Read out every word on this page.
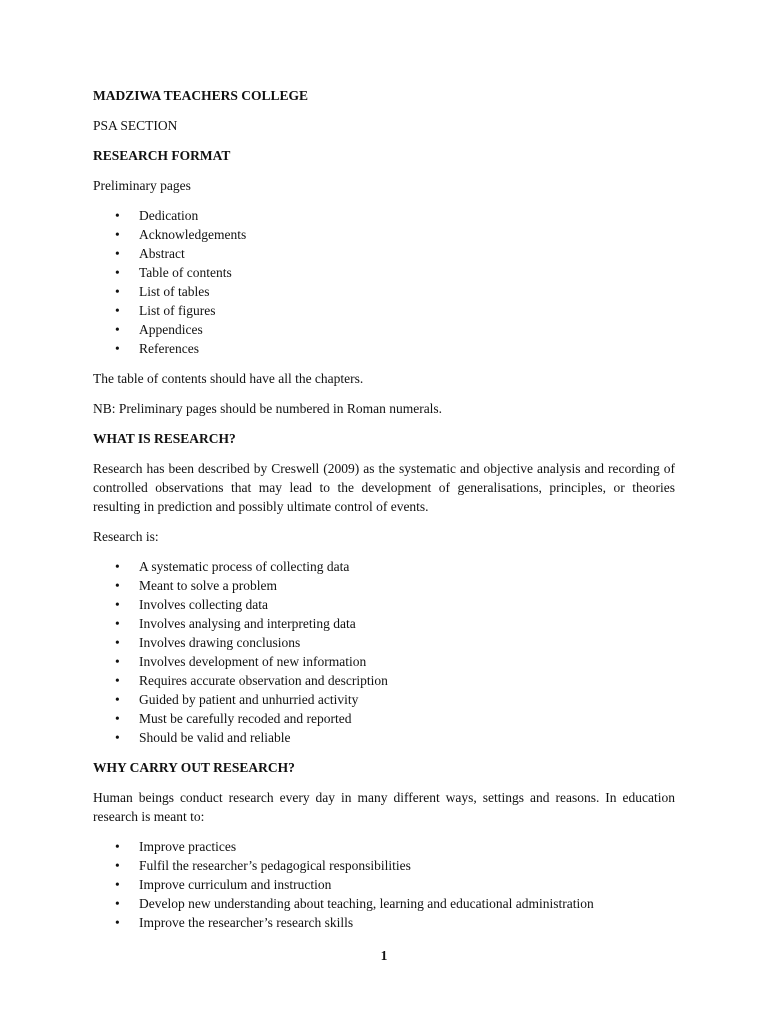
MADZIWA TEACHERS COLLEGE

PSA SECTION

RESEARCH FORMAT

Preliminary pages

• Dedication
• Acknowledgements
• Abstract
• Table of contents
• List of tables
• List of figures
• Appendices
• References

The table of contents should have all the chapters.

NB: Preliminary pages should be numbered in Roman numerals.

WHAT IS RESEARCH?

Research has been described by Creswell (2009) as the systematic and objective analysis and recording of controlled observations that may lead to the development of generalisations, principles, or theories resulting in prediction and possibly ultimate control of events.

Research is:

• A systematic process of collecting data
• Meant to solve a problem
• Involves collecting data
• Involves analysing and interpreting data
• Involves drawing conclusions
• Involves development of new information
• Requires accurate observation and description
• Guided by patient and unhurried activity
• Must be carefully recoded and reported
• Should be valid and reliable

WHY CARRY OUT RESEARCH?

Human beings conduct research every day in many different ways, settings and reasons. In education research is meant to:

• Improve practices
• Fulfil the researcher’s pedagogical responsibilities
• Improve curriculum and instruction
• Develop new understanding about teaching, learning and educational administration
• Improve the researcher’s research skills
1
